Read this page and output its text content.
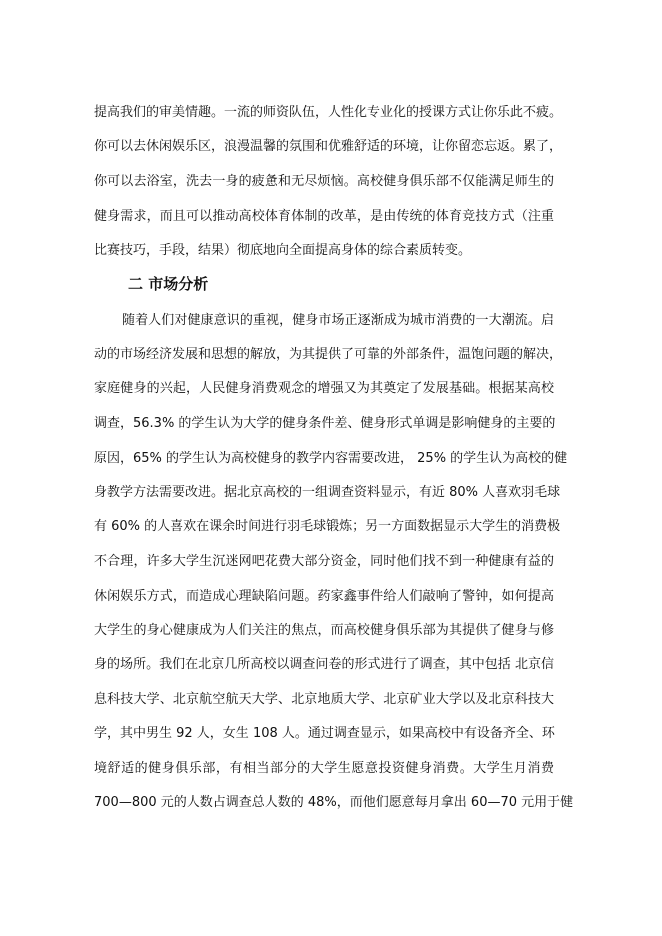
提高我们的审美情趣。一流的师资队伍，人性化专业化的授课方式让你乐此不疲。
你可以去休闲娱乐区，浪漫温馨的氛围和优雅舒适的环境，让你留恋忘返。累了，
你可以去浴室，洗去一身的疲惫和无尽烦恼。高校健身俱乐部不仅能满足师生的
健身需求，而且可以推动高校体育体制的改革，是由传统的体育竞技方式（注重
比赛技巧，手段，结果）彻底地向全面提高身体的综合素质转变。
二 市场分析
随着人们对健康意识的重视，健身市场正逐渐成为城市消费的一大潮流。启
动的市场经济发展和思想的解放，为其提供了可靠的外部条件，温饱问题的解决，
家庭健身的兴起，人民健身消费观念的增强又为其奠定了发展基础。根据某高校
调查，56.3% 的学生认为大学的健身条件差、健身形式单调是影响健身的主要的
原因，65% 的学生认为高校健身的教学内容需要改进， 25% 的学生认为高校的健
身教学方法需要改进。据北京高校的一组调查资料显示，有近 80% 人喜欢羽毛球
有 60% 的人喜欢在课余时间进行羽毛球锻炼；另一方面数据显示大学生的消费极
不合理，许多大学生沉迷网吧花费大部分资金，同时他们找不到一种健康有益的
休闲娱乐方式，而造成心理缺陷问题。药家鑫事件给人们敲响了警钟，如何提高
大学生的身心健康成为人们关注的焦点，而高校健身俱乐部为其提供了健身与修
身的场所。我们在北京几所高校以调查问卷的形式进行了调查，其中包括 北京信
息科技大学、北京航空航天大学、北京地质大学、北京矿业大学以及北京科技大
学，其中男生 92 人，女生 108 人。通过调查显示，如果高校中有设备齐全、环
境舒适的健身俱乐部，有相当部分的大学生愿意投资健身消费。大学生月消费
700—800 元的人数占调查总人数的 48%，而他们愿意每月拿出 60—70 元用于健
